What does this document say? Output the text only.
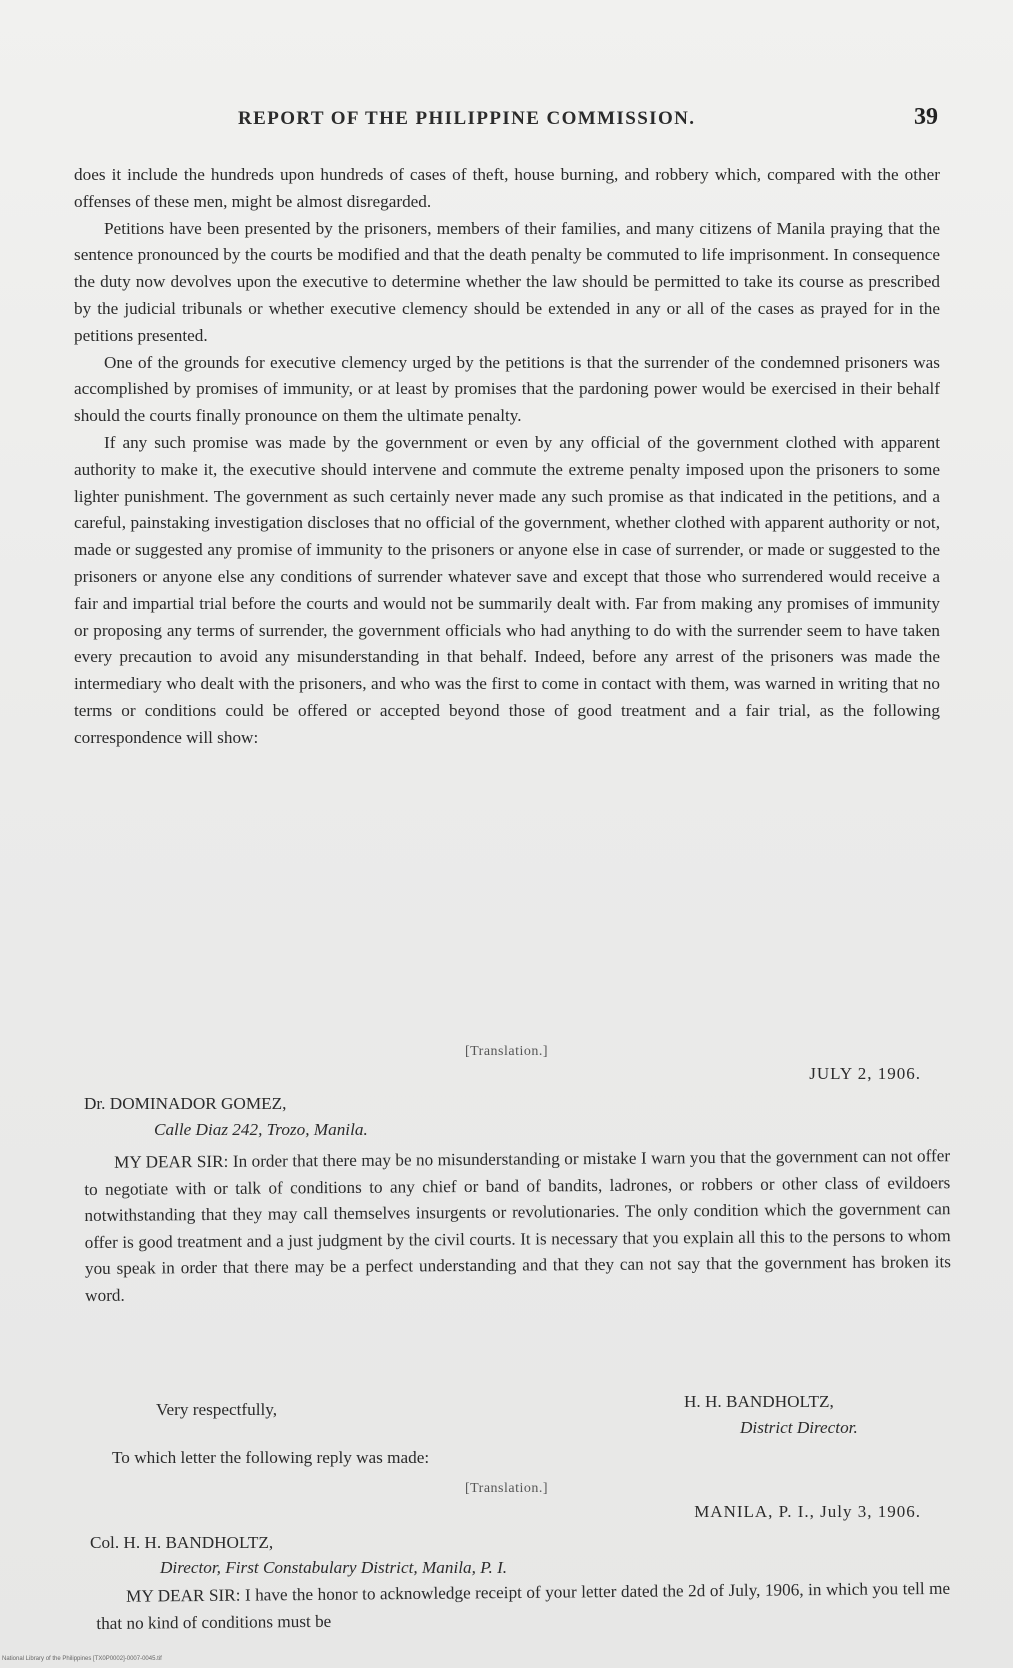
REPORT OF THE PHILIPPINE COMMISSION.	39

does it include the hundreds upon hundreds of cases of theft, house burning, and robbery which, compared with the other offenses of these men, might be almost disregarded.

Petitions have been presented by the prisoners, members of their families, and many citizens of Manila praying that the sentence pronounced by the courts be modified and that the death penalty be commuted to life imprisonment. In consequence the duty now devolves upon the executive to determine whether the law should be permitted to take its course as prescribed by the judicial tribunals or whether executive clemency should be extended in any or all of the cases as prayed for in the petitions presented.

One of the grounds for executive clemency urged by the petitions is that the surrender of the condemned prisoners was accomplished by promises of immunity, or at least by promises that the pardoning power would be exercised in their behalf should the courts finally pronounce on them the ultimate penalty.

If any such promise was made by the government or even by any official of the government clothed with apparent authority to make it, the executive should intervene and commute the extreme penalty imposed upon the prisoners to some lighter punishment. The government as such certainly never made any such promise as that indicated in the petitions, and a careful, painstaking investigation discloses that no official of the government, whether clothed with apparent authority or not, made or suggested any promise of immunity to the prisoners or anyone else in case of surrender, or made or suggested to the prisoners or anyone else any conditions of surrender whatever save and except that those who surrendered would receive a fair and impartial trial before the courts and would not be summarily dealt with. Far from making any promises of immunity or proposing any terms of surrender, the government officials who had anything to do with the surrender seem to have taken every precaution to avoid any misunderstanding in that behalf. Indeed, before any arrest of the prisoners was made the intermediary who dealt with the prisoners, and who was the first to come in contact with them, was warned in writing that no terms or conditions could be offered or accepted beyond those of good treatment and a fair trial, as the following correspondence will show:

[Translation.]
JULY 2, 1906.
Dr. DOMINADOR GOMEZ,
Calle Diaz 242, Trozo, Manila.

MY DEAR SIR: In order that there may be no misunderstanding or mistake I warn you that the government can not offer to negotiate with or talk of conditions to any chief or band of bandits, ladrones, or robbers or other class of evildoers notwithstanding that they may call themselves insurgents or revolutionaries. The only condition which the government can offer is good treatment and a just judgment by the civil courts. It is necessary that you explain all this to the persons to whom you speak in order that there may be a perfect understanding and that they can not say that the government has broken its word.

Very respectfully,	H. H. BANDHOLTZ,
District Director.
To which letter the following reply was made:
[Translation.]
MANILA, P. I., July 3, 1906.
Col. H. H. BANDHOLTZ,
Director, First Constabulary District, Manila, P. I.

MY DEAR SIR: I have the honor to acknowledge receipt of your letter dated the 2d of July, 1906, in which you tell me that no kind of conditions must be

National Library of the Philippines [TX0P0002]-0007-0045.tif
